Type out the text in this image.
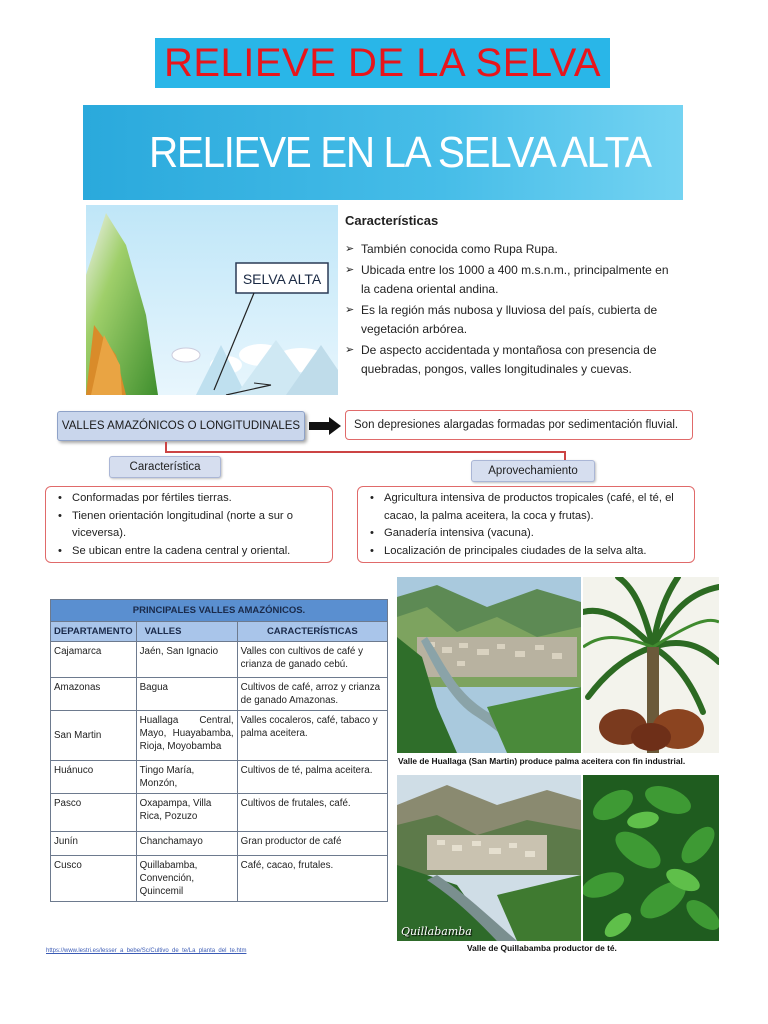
RELIEVE DE LA SELVA
RELIEVE EN LA SELVA ALTA
SELVA ALTA
Características
➢ También conocida como Rupa Rupa.
➢ Ubicada entre los 1000 a 400 m.s.n.m., principalmente en la cadena oriental andina.
➢ Es la región más nubosa y lluviosa del país, cubierta de vegetación arbórea.
➢ De aspecto accidentada y montañosa con presencia de quebradas, pongos, valles longitudinales y cuevas.
VALLES AMAZÓNICOS O LONGITUDINALES	Son depresiones alargadas formadas por sedimentación fluvial.
Característica	Aprovechamiento
• Conformadas por fértiles tierras.
• Tienen orientación longitudinal (norte a sur o viceversa).
• Se ubican entre la cadena central y oriental.
• Agricultura intensiva de productos tropicales (café, el té, el cacao, la palma aceitera, la coca y frutas).
• Ganadería intensiva (vacuna).
• Localización de principales ciudades de la selva alta.
PRINCIPALES VALLES AMAZÓNICOS.		
DEPARTAMENTO	VALLES	CARACTERÍSTICAS
Cajamarca	Jaén, San Ignacio	Valles con cultivos de café y crianza de ganado cebú.
Amazonas	Bagua	Cultivos de café, arroz y crianza de ganado Amazonas.
San Martin	Huallaga Central, Mayo, Huayabamba, Rioja, Moyobamba	Valles cocaleros, café, tabaco y palma aceitera.
Huánuco	Tingo María, Monzón,	Cultivos de té, palma aceitera.
Pasco	Oxapampa, Villa Rica, Pozuzo	Cultivos de frutales, café.
Junín	Chanchamayo	Gran productor de café
Cusco	Quillabamba, Convención, Quincemil	Café, cacao, frutales.
https://www.lestri.es/lesser_a_bebe/Sc/Cultivo_de_te/La_planta_del_te.htm
Valle de Huallaga (San Martin) produce palma aceitera con fin industrial.
Quillabamba
Valle de Quillabamba productor de té.
